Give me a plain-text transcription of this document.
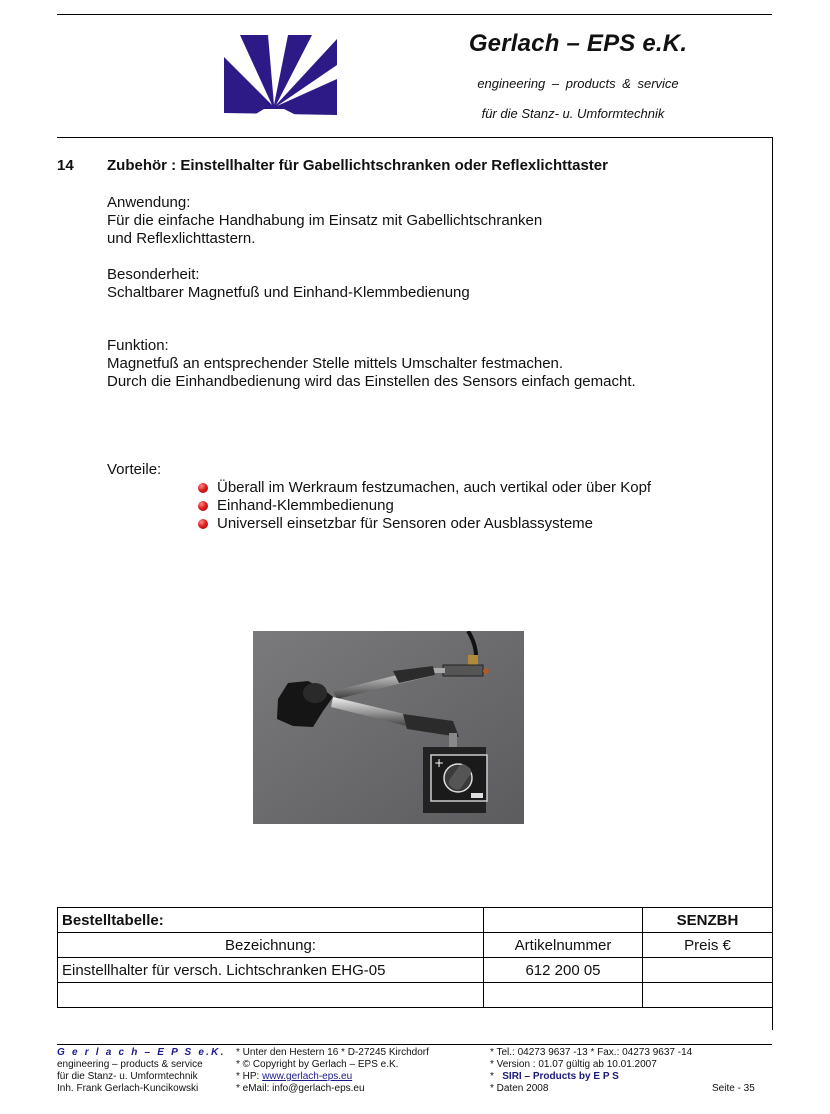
Gerlach – EPS e.K.
engineering – products & service
für die Stanz- u. Umformtechnik
14 Zubehör : Einstellhalter für Gabellichtschranken oder Reflexlichttaster
Anwendung:
Für die einfache Handhabung im Einsatz mit Gabellichtschranken
und Reflexlichttastern.
Besonderheit:
Schaltbarer Magnetfuß und Einhand-Klemmbedienung
Funktion:
Magnetfuß an entsprechender Stelle mittels Umschalter festmachen.
Durch die Einhandbedienung wird das Einstellen des Sensors einfach gemacht.
Vorteile:
Überall im Werkraum festzumachen, auch vertikal oder über Kopf
Einhand-Klemmbedienung
Universell einsetzbar für Sensoren oder Ausblassysteme
+
Bestelltabelle:		SENZBH
Bezeichnung:	Artikelnummer	Preis €
Einstellhalter für versch. Lichtschranken EHG-05	612 200 05	

G e r l a c h – E P S e.K.
engineering – products & service
für die Stanz- u. Umformtechnik
Inh. Frank Gerlach-Kuncikowski
* Unter den Hestern 16 * D-27245 Kirchdorf
* © Copyright by Gerlach – EPS e.K.
* HP: www.gerlach-eps.eu
* eMail: info@gerlach-eps.eu
* Tel.: 04273 9637 -13 * Fax.: 04273 9637 -14
* Version : 01.07 gültig ab 10.01.2007
* SIRI – Products by E P S
* Daten 2008	Seite - 35
